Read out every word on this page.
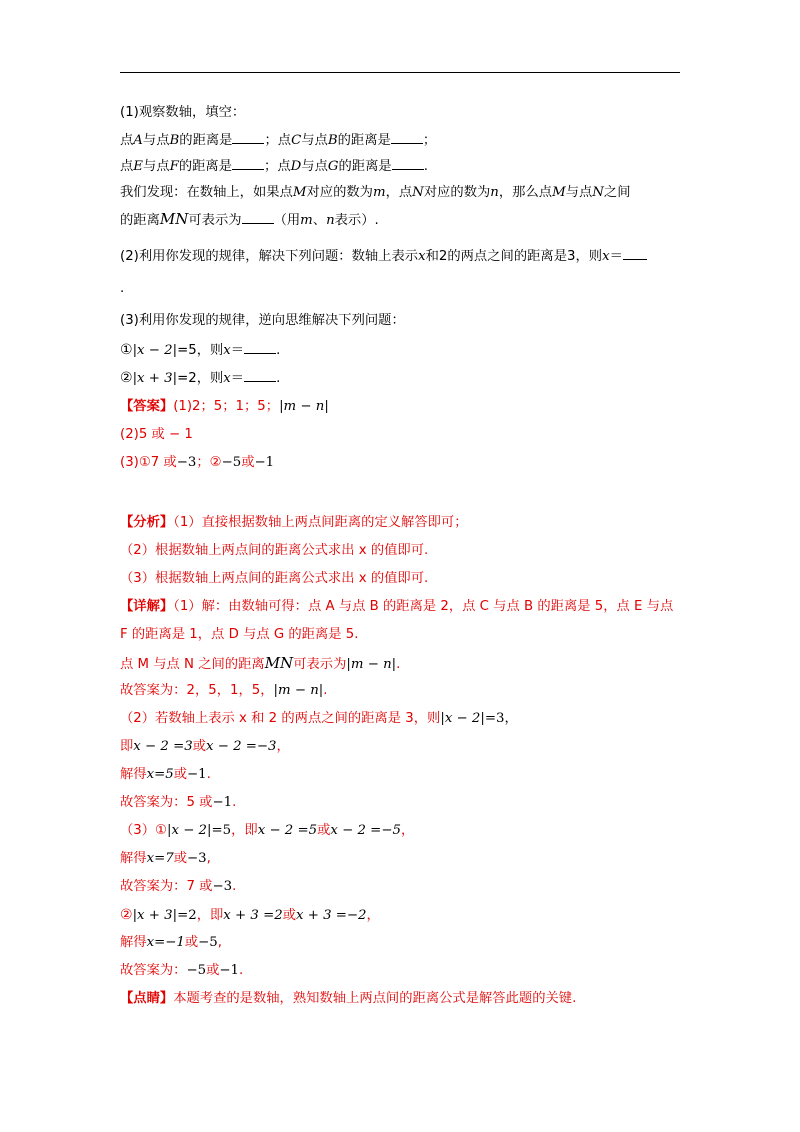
(1)观察数轴，填空：
点A与点B的距离是 ；点C与点B的距离是 ；
点E与点F的距离是 ；点D与点G的距离是 .
我们发现：在数轴上，如果点M对应的数为m，点N对应的数为n，那么点M与点N之间
的距离MN可表示为 （用m、n表示）.
(2)利用你发现的规律，解决下列问题：数轴上表示x和2的两点之间的距离是3，则x＝
.
(3)利用你发现的规律，逆向思维解决下列问题：
①|x − 2|=5，则x＝ .
②|x + 3|=2，则x＝ .
【答案】(1)2；5；1；5；|m − n|
(2)5 或 − 1
(3)①7 或−3；②−5或−1
【分析】（1）直接根据数轴上两点间距离的定义解答即可；
（2）根据数轴上两点间的距离公式求出 x 的值即可.
（3）根据数轴上两点间的距离公式求出 x 的值即可.
【详解】（1）解：由数轴可得：点 A 与点 B 的距离是 2，点 C 与点 B 的距离是 5，点 E 与点
F 的距离是 1，点 D 与点 G 的距离是 5.
点 M 与点 N 之间的距离MN可表示为|m − n|.
故答案为：2，5，1，5，|m − n|.
（2）若数轴上表示 x 和 2 的两点之间的距离是 3，则|x − 2|=3，
即x − 2 =3或x − 2 =−3，
解得x=5或−1.
故答案为：5 或−1.
（3）①|x − 2|=5，即x − 2 =5或x − 2 =−5，
解得x=7或−3,
故答案为：7 或−3.
②|x + 3|=2，即x + 3 =2或x + 3 =−2，
解得x=−1或−5,
故答案为：−5或−1.
【点睛】本题考查的是数轴，熟知数轴上两点间的距离公式是解答此题的关键.
